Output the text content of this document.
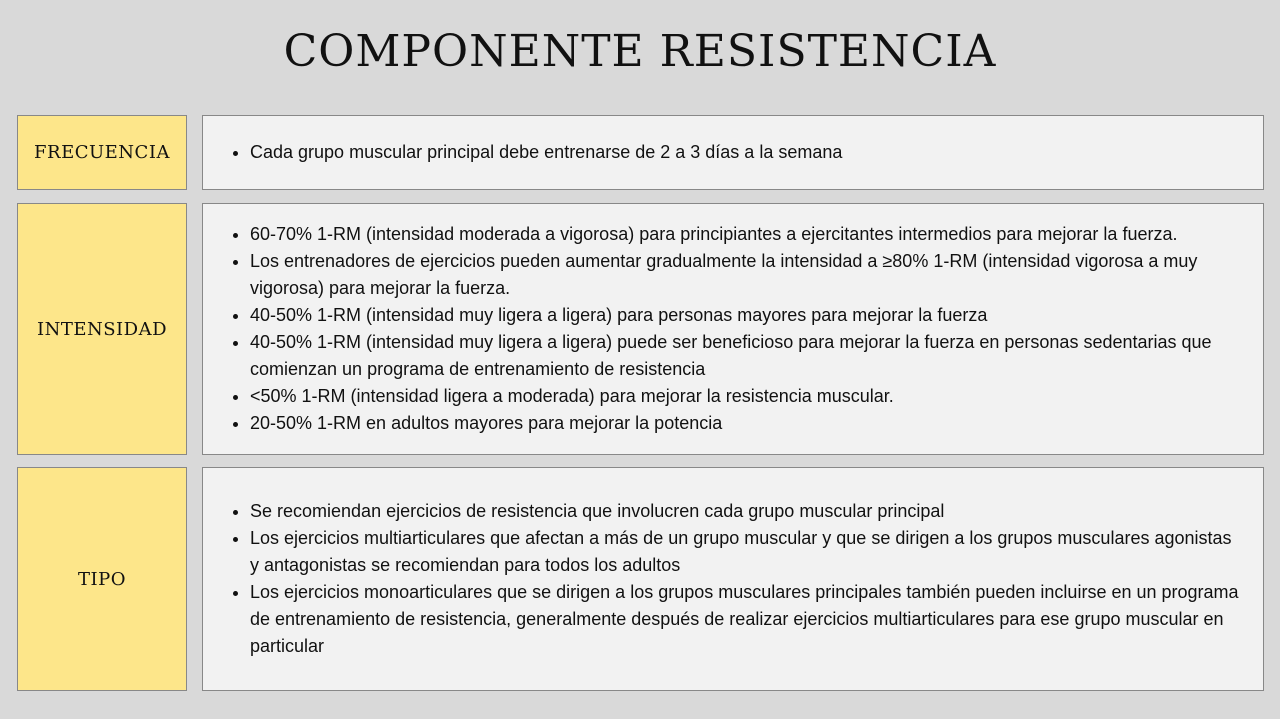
COMPONENTE RESISTENCIA
FRECUENCIA
•	Cada grupo muscular principal debe entrenarse de 2 a 3 días a la semana
INTENSIDAD
• 60-70% 1-RM (intensidad moderada a vigorosa) para principiantes a ejercitantes intermedios para mejorar la fuerza.
• Los entrenadores de ejercicios pueden aumentar gradualmente la intensidad a ≥80% 1-RM (intensidad vigorosa a muy vigorosa) para mejorar la fuerza.
• 40-50% 1-RM (intensidad muy ligera a ligera) para personas mayores para mejorar la fuerza
• 40-50% 1-RM (intensidad muy ligera a ligera) puede ser beneficioso para mejorar la fuerza en personas sedentarias que comienzan un programa de entrenamiento de resistencia
• <50% 1-RM (intensidad ligera a moderada) para mejorar la resistencia muscular.
• 20-50% 1-RM en adultos mayores para mejorar la potencia
TIPO
• Se recomiendan ejercicios de resistencia que involucren cada grupo muscular principal
• Los ejercicios multiarticulares que afectan a más de un grupo muscular y que se dirigen a los grupos musculares agonistas y antagonistas se recomiendan para todos los adultos
• Los ejercicios monoarticulares que se dirigen a los grupos musculares principales también pueden incluirse en un programa de entrenamiento de resistencia, generalmente después de realizar ejercicios multiarticulares para ese grupo muscular en particular
